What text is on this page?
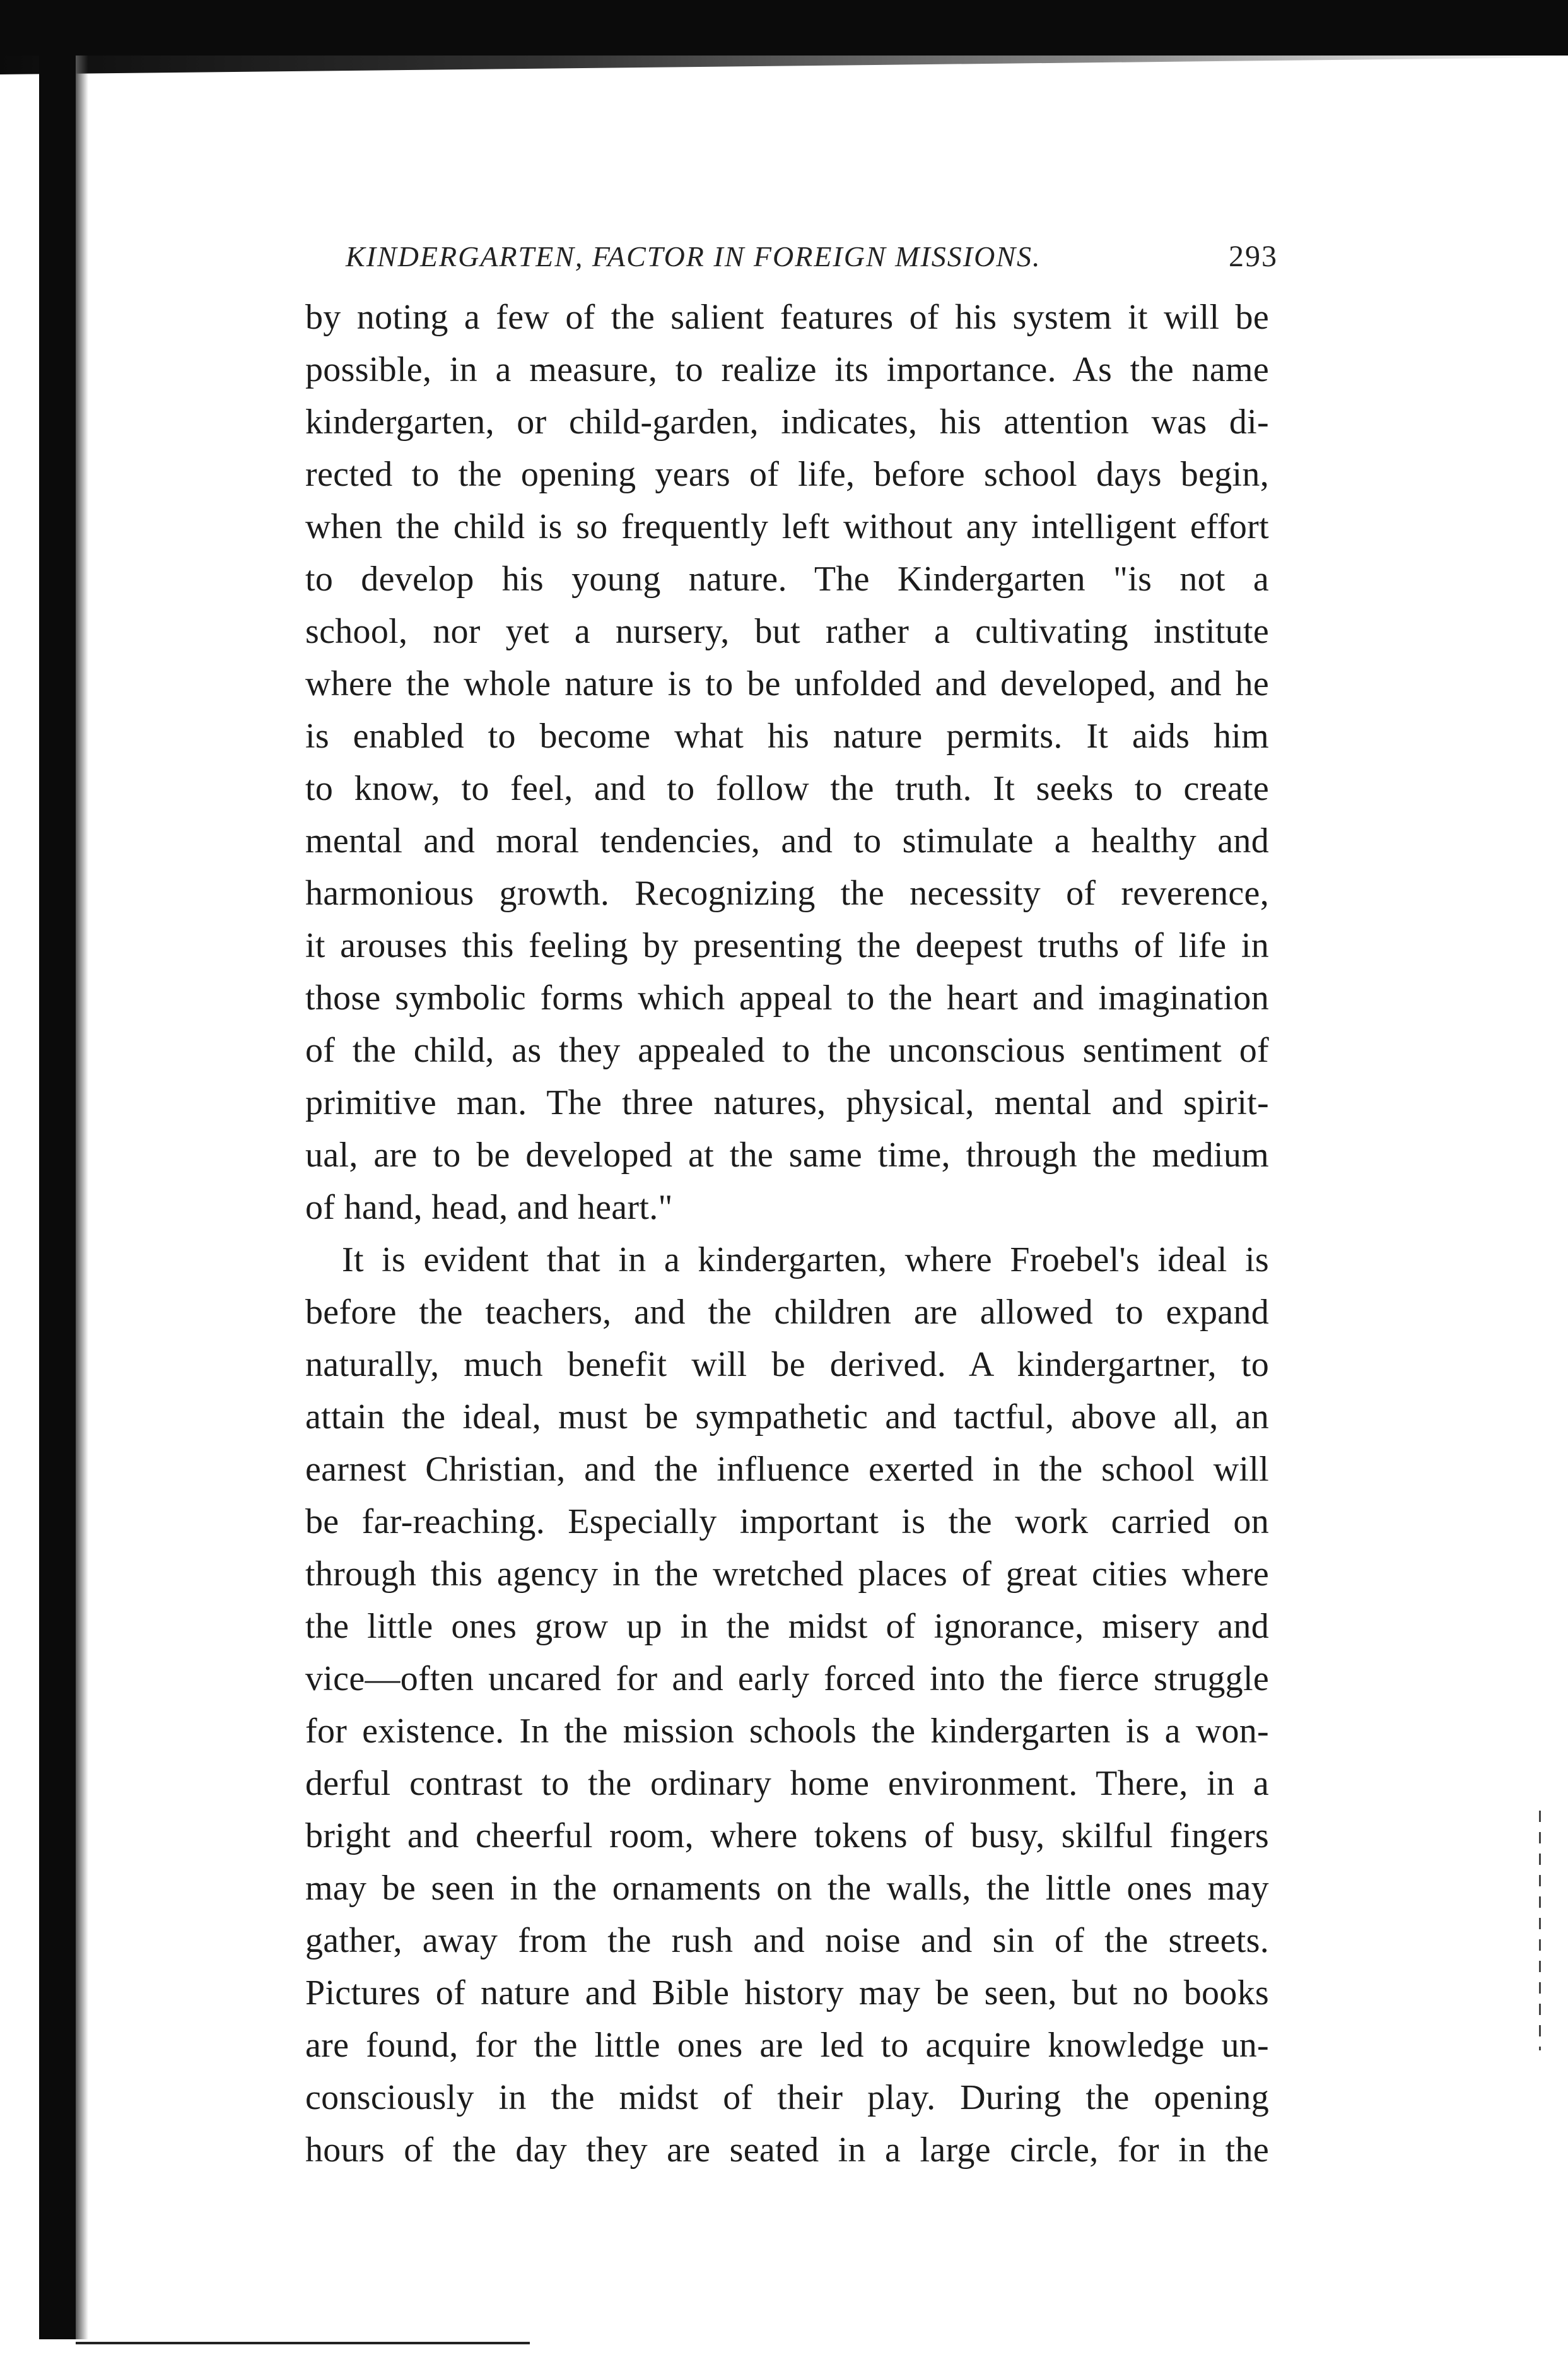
KINDERGARTEN, FACTOR IN FOREIGN MISSIONS.	293
by noting a few of the salient features of his system it will be
possible, in a measure, to realize its importance. As the name
kindergarten, or child-garden, indicates, his attention was di-
rected to the opening years of life, before school days begin,
when the child is so frequently left without any intelligent effort
to develop his young nature. The Kindergarten "is not a
school, nor yet a nursery, but rather a cultivating institute
where the whole nature is to be unfolded and developed, and he
is enabled to become what his nature permits. It aids him
to know, to feel, and to follow the truth. It seeks to create
mental and moral tendencies, and to stimulate a healthy and
harmonious growth. Recognizing the necessity of reverence,
it arouses this feeling by presenting the deepest truths of life in
those symbolic forms which appeal to the heart and imagination
of the child, as they appealed to the unconscious sentiment of
primitive man. The three natures, physical, mental and spirit-
ual, are to be developed at the same time, through the medium
of hand, head, and heart."
It is evident that in a kindergarten, where Froebel's ideal is
before the teachers, and the children are allowed to expand
naturally, much benefit will be derived. A kindergartner, to
attain the ideal, must be sympathetic and tactful, above all, an
earnest Christian, and the influence exerted in the school will
be far-reaching. Especially important is the work carried on
through this agency in the wretched places of great cities where
the little ones grow up in the midst of ignorance, misery and
vice—often uncared for and early forced into the fierce struggle
for existence. In the mission schools the kindergarten is a won-
derful contrast to the ordinary home environment. There, in a
bright and cheerful room, where tokens of busy, skilful fingers
may be seen in the ornaments on the walls, the little ones may
gather, away from the rush and noise and sin of the streets.
Pictures of nature and Bible history may be seen, but no books
are found, for the little ones are led to acquire knowledge un-
consciously in the midst of their play. During the opening
hours of the day they are seated in a large circle, for in the
